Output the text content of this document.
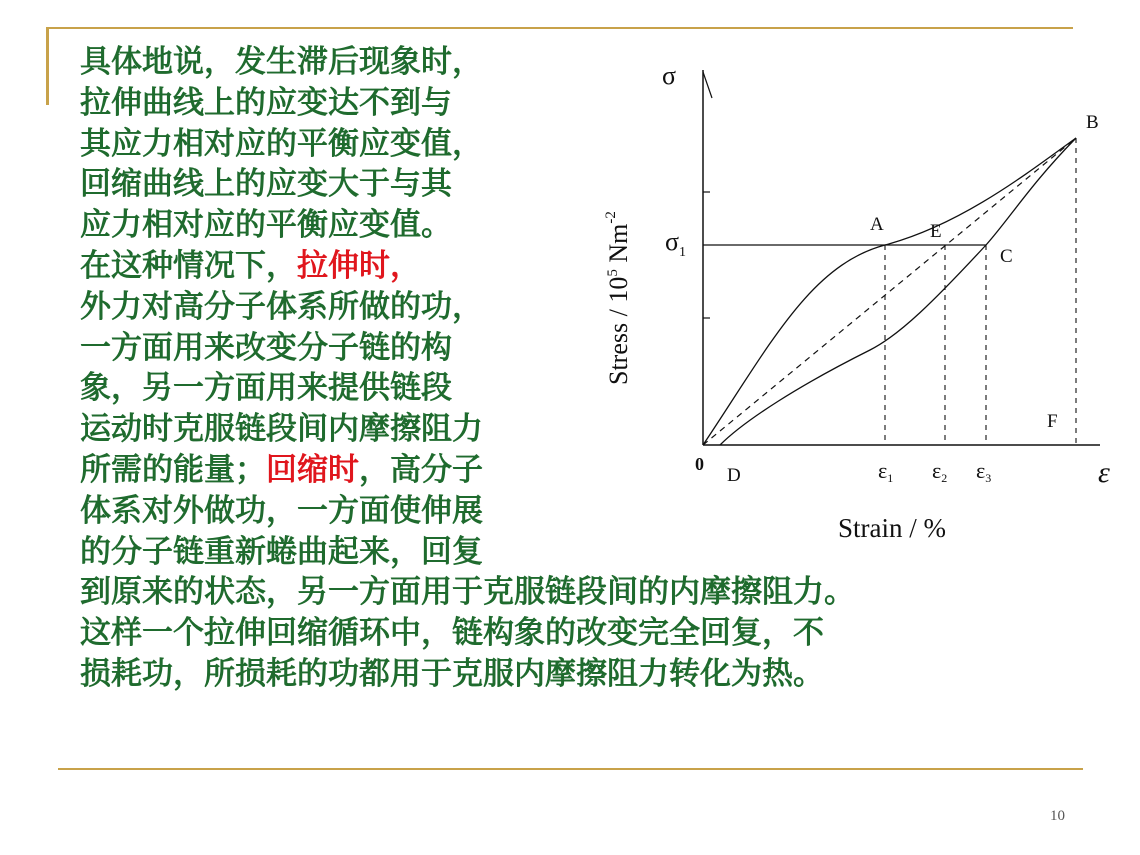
具体地说，发生滞后现象时，
拉伸曲线上的应变达不到与
其应力相对应的平衡应变值，
回缩曲线上的应变大于与其
应力相对应的平衡应变值。
在这种情况下，拉伸时，
外力对高分子体系所做的功，
一方面用来改变分子链的构
象，另一方面用来提供链段
运动时克服链段间内摩擦阻力
所需的能量；回缩时，高分子
体系对外做功，一方面使伸展
的分子链重新蜷曲起来，回复
到原来的状态，另一方面用于克服链段间的内摩擦阻力。
这样一个拉伸回缩循环中，链构象的改变完全回复，不
损耗功，所损耗的功都用于克服内摩擦阻力转化为热。
σ
ε
$\sigma_1$
A
B
C
E
F
D
0	ε1 ε2 ε3
Strain / %
Stress / $10^5$ $Nm^{-2}$
10
